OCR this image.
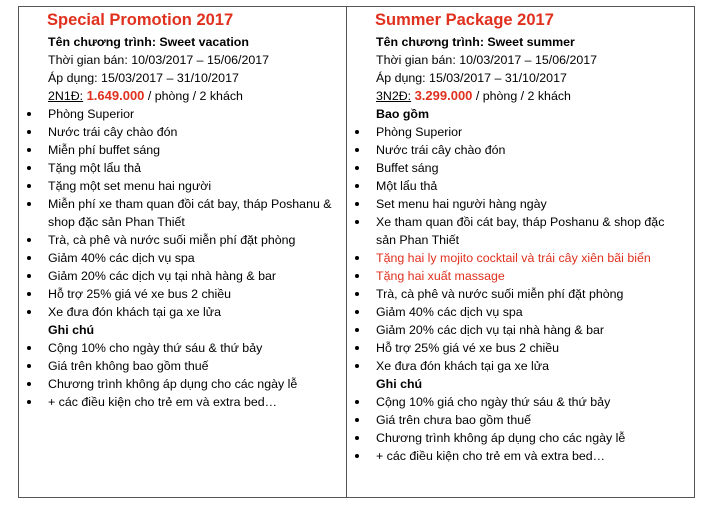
Special Promotion 2017
Tên chương trình: Sweet vacation
Thời gian bán: 10/03/2017 – 15/06/2017
Áp dụng: 15/03/2017 – 31/10/2017
2N1Đ: 1.649.000 / phòng / 2 khách
Phòng Superior
Nước trái cây chào đón
Miễn phí buffet sáng
Tặng một lẩu thả
Tặng một set menu hai người
Miễn phí xe tham quan đồi cát bay, tháp Poshanu & shop đặc sản Phan Thiết
Trà, cà phê và nước suối miễn phí đặt phòng
Giảm 40% các dịch vụ spa
Giảm 20% các dịch vụ tại nhà hàng & bar
Hỗ trợ 25% giá vé xe bus 2 chiều
Xe đưa đón khách tại ga xe lửa
Ghi chú
Cộng 10% cho ngày thứ sáu & thứ bảy
Giá trên không bao gồm thuế
Chương trình không áp dụng cho các ngày lễ
+ các điều kiện cho trẻ em và extra bed…
Summer Package 2017
Tên chương trình: Sweet summer
Thời gian bán: 10/03/2017 – 15/06/2017
Áp dụng: 15/03/2017 – 31/10/2017
3N2Đ: 3.299.000 / phòng / 2 khách
Bao gồm
Phòng Superior
Nước trái cây chào đón
Buffet sáng
Một lẩu thả
Set menu hai người hàng ngày
Xe tham quan đồi cát bay, tháp Poshanu & shop đặc sản Phan Thiết
Tặng hai ly mojito cocktail và trái cây xiên bãi biển
Tặng hai xuất massage
Trà, cà phê và nước suối miễn phí đặt phòng
Giảm 40% các dịch vụ spa
Giảm 20% các dịch vụ tại nhà hàng & bar
Hỗ trợ 25% giá vé xe bus 2 chiều
Xe đưa đón khách tại ga xe lửa
Ghi chú
Cộng 10% giá cho ngày thứ sáu & thứ bảy
Giá trên chưa bao gồm thuế
Chương trình không áp dụng cho các ngày lễ
+ các điều kiện cho trẻ em và extra bed…
